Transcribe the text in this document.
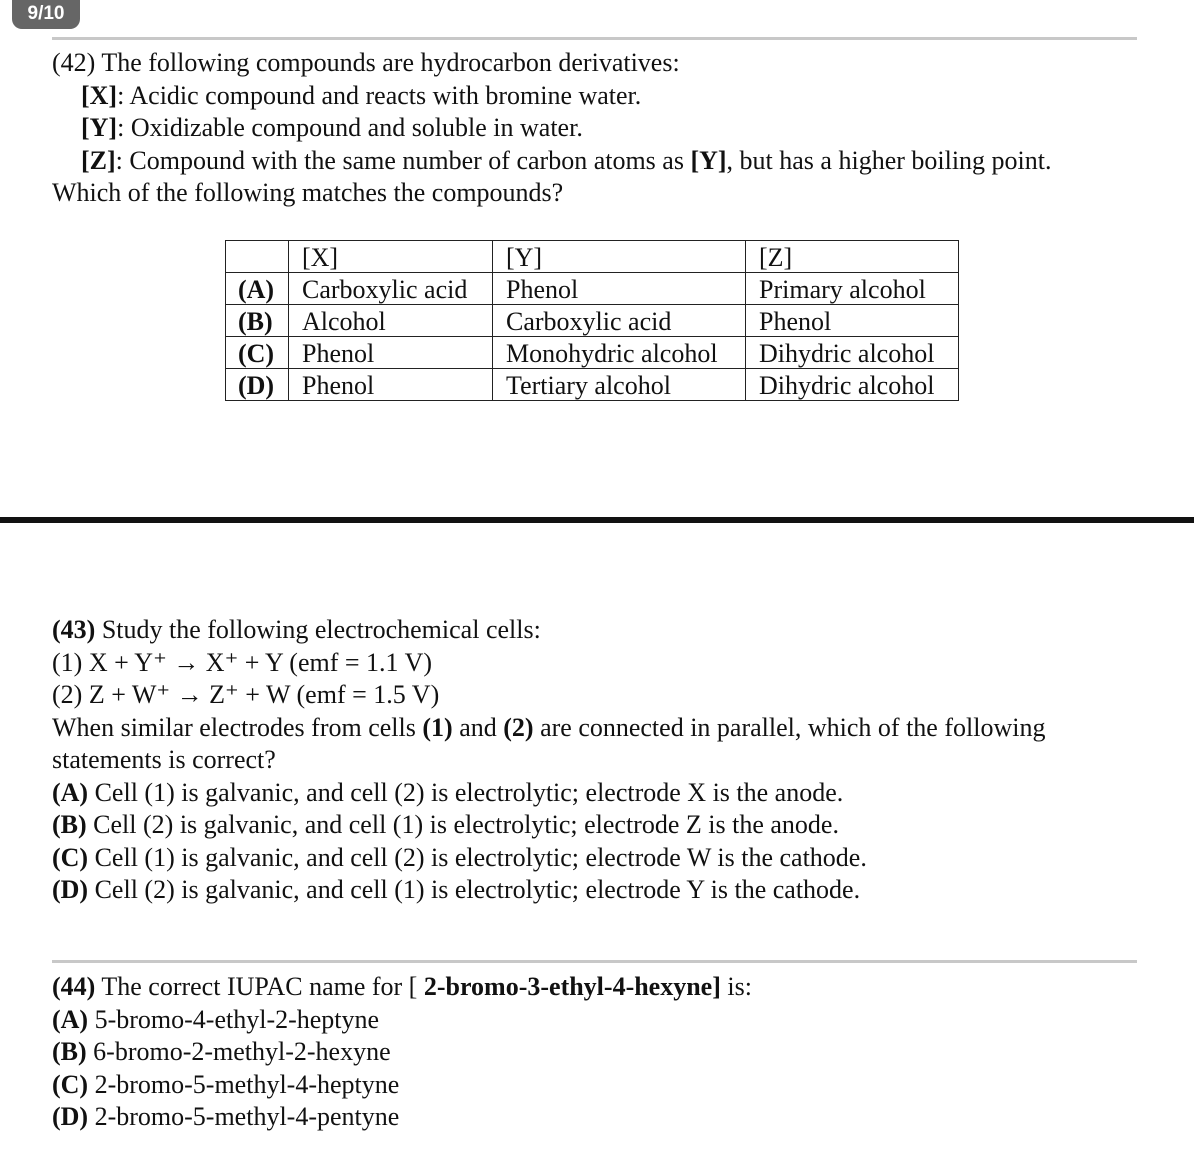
9/10
(42) The following compounds are hydrocarbon derivatives:
[X]: Acidic compound and reacts with bromine water.
[Y]: Oxidizable compound and soluble in water.
[Z]: Compound with the same number of carbon atoms as [Y], but has a higher boiling point.
Which of the following matches the compounds?
	[X]	[Y]	[Z]
(A)	Carboxylic acid	Phenol	Primary alcohol
(B)	Alcohol	Carboxylic acid	Phenol
(C)	Phenol	Monohydric alcohol	Dihydric alcohol
(D)	Phenol	Tertiary alcohol	Dihydric alcohol
(43) Study the following electrochemical cells:
(1) X + Y⁺ → X⁺ + Y (emf = 1.1 V)
(2) Z + W⁺ → Z⁺ + W (emf = 1.5 V)
When similar electrodes from cells (1) and (2) are connected in parallel, which of the following
statements is correct?
(A) Cell (1) is galvanic, and cell (2) is electrolytic; electrode X is the anode.
(B) Cell (2) is galvanic, and cell (1) is electrolytic; electrode Z is the anode.
(C) Cell (1) is galvanic, and cell (2) is electrolytic; electrode W is the cathode.
(D) Cell (2) is galvanic, and cell (1) is electrolytic; electrode Y is the cathode.
(44) The correct IUPAC name for [ 2-bromo-3-ethyl-4-hexyne] is:
(A) 5-bromo-4-ethyl-2-heptyne
(B) 6-bromo-2-methyl-2-hexyne
(C) 2-bromo-5-methyl-4-heptyne
(D) 2-bromo-5-methyl-4-pentyne
